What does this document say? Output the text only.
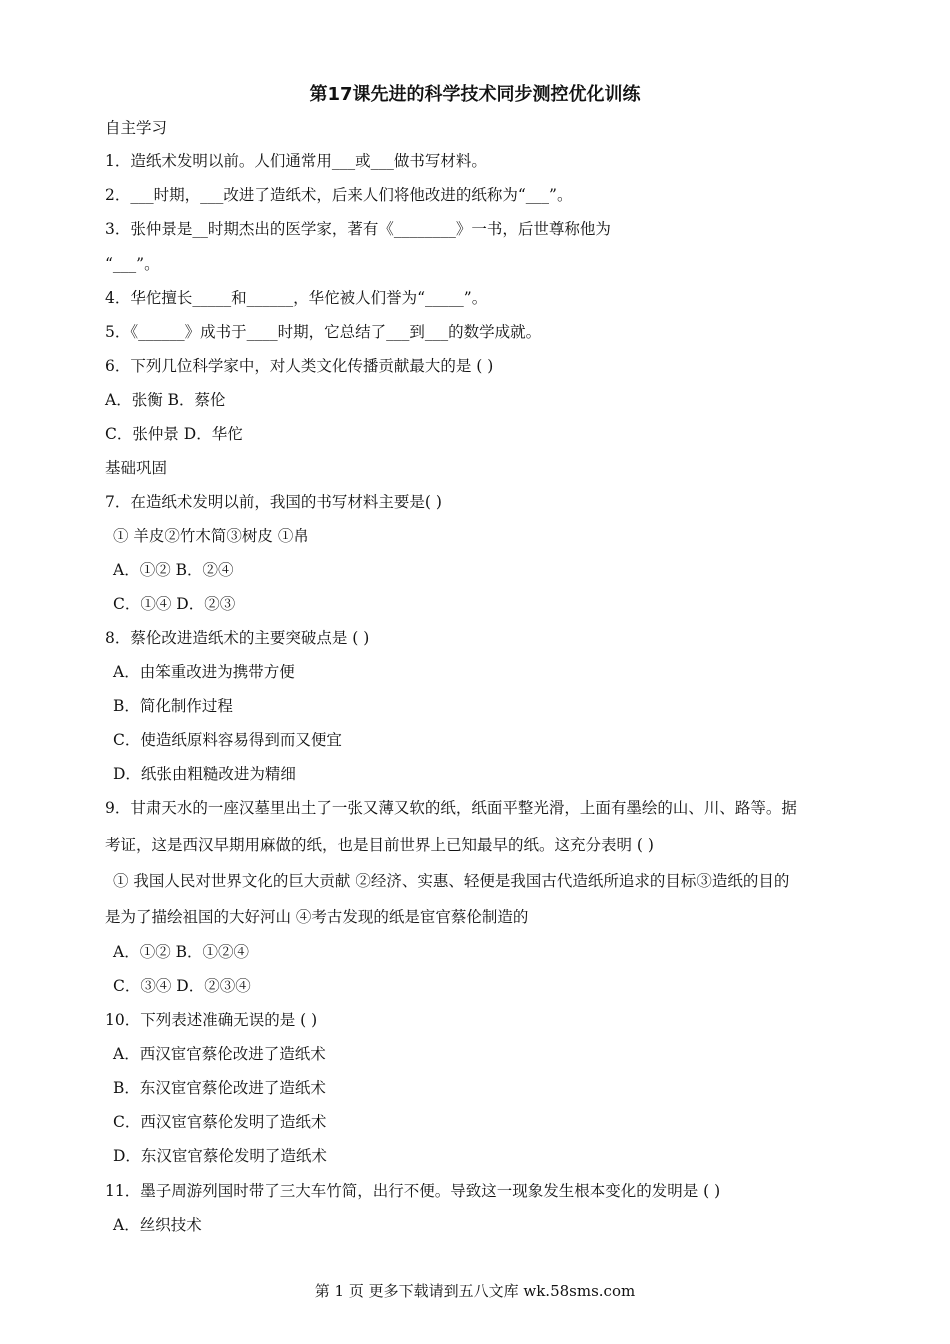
第17课先进的科学技术同步测控优化训练
自主学习
1．造纸术发明以前。人们通常用___或___做书写材料。
2．___时期，___改进了造纸术，后来人们将他改进的纸称为“___”。
3．张仲景是__时期杰出的医学家，著有《________》一书，后世尊称他为
“___”。
4．华佗擅长_____和______，华佗被人们誉为“_____”。
5．《______》成书于____时期，它总结了___到___的数学成就。
6．下列几位科学家中，对人类文化传播贡献最大的是 ( )
A．张衡 B．蔡伦
C．张仲景 D．华佗
基础巩固
7．在造纸术发明以前，我国的书写材料主要是( )
① 羊皮②竹木简③树皮 ①帛
A．①② B．②④
C．①④ D．②③
8．蔡伦改进造纸术的主要突破点是 ( )
A．由笨重改进为携带方便
B．简化制作过程
C．使造纸原料容易得到而又便宜
D．纸张由粗糙改进为精细
9．甘肃天水的一座汉墓里出土了一张又薄又软的纸，纸面平整光滑，上面有墨绘的山、川、路等。据
考证，这是西汉早期用麻做的纸，也是目前世界上已知最早的纸。这充分表明 ( )
① 我国人民对世界文化的巨大贡献 ②经济、实惠、轻便是我国古代造纸所追求的目标③造纸的目的
是为了描绘祖国的大好河山 ④考古发现的纸是宦官蔡伦制造的
A．①② B．①②④
C．③④ D．②③④
10．下列表述准确无误的是 ( )
A．西汉宦官蔡伦改进了造纸术
B．东汉宦官蔡伦改进了造纸术
C．西汉宦官蔡伦发明了造纸术
D．东汉宦官蔡伦发明了造纸术
11．墨子周游列国时带了三大车竹简，出行不便。导致这一现象发生根本变化的发明是 ( )
A．丝织技术
第 1 页 更多下载请到五八文库 wk.58sms.com
